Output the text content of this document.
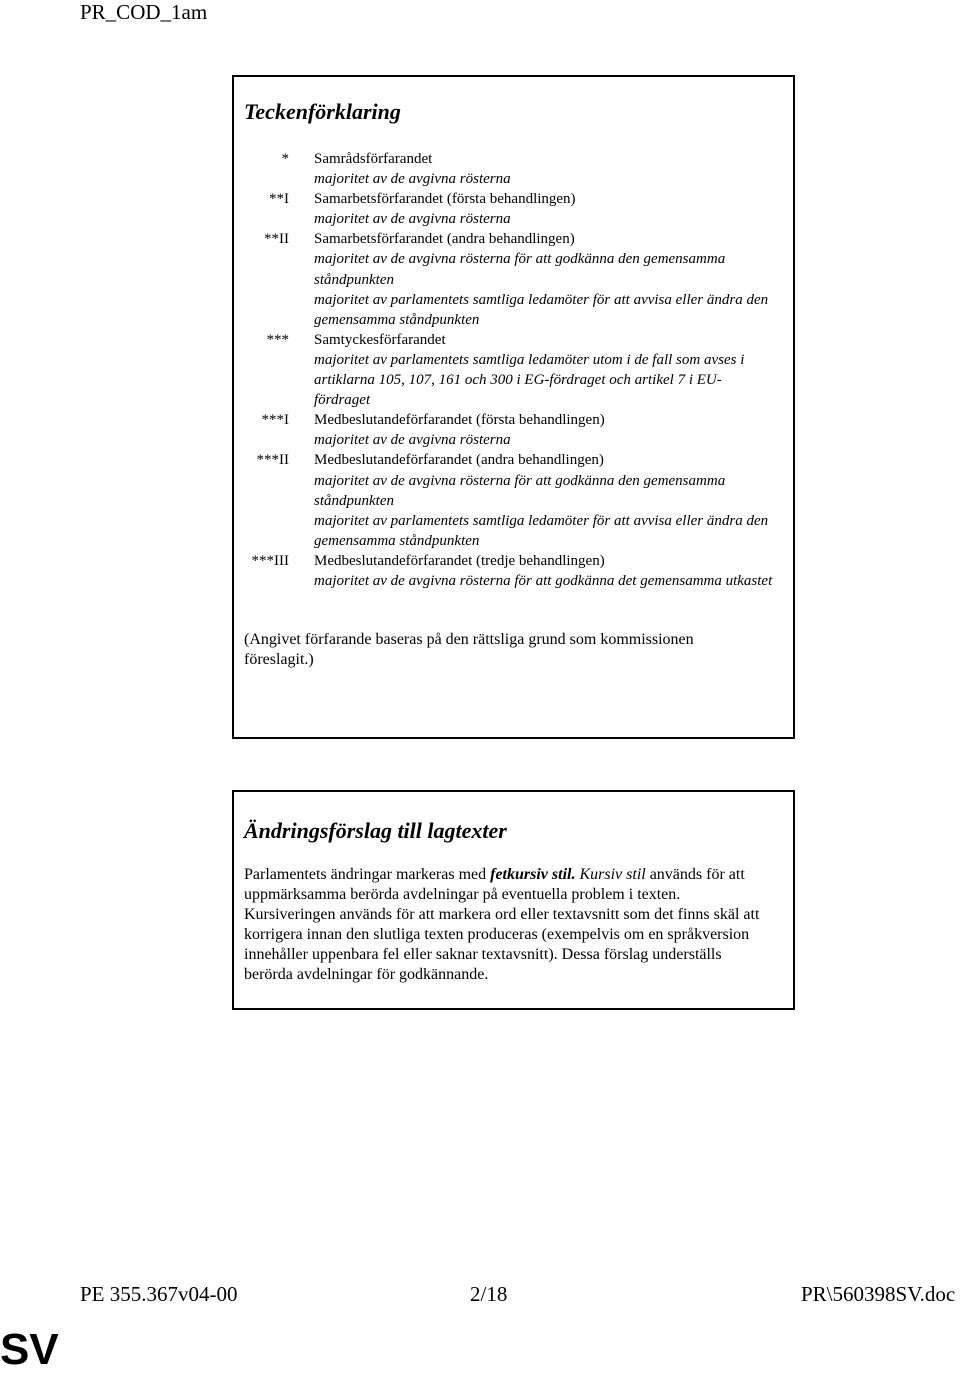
PR_COD_1am
Teckenförklaring
* Samrådsförfarandet
majoritet av de avgivna rösterna
**I Samarbetsförfarandet (första behandlingen)
majoritet av de avgivna rösterna
**II Samarbetsförfarandet (andra behandlingen)
majoritet av de avgivna rösterna för att godkänna den gemensamma ståndpunkten
majoritet av parlamentets samtliga ledamöter för att avvisa eller ändra den gemensamma ståndpunkten
*** Samtyckesförfarandet
majoritet av parlamentets samtliga ledamöter utom i de fall som avses i artiklarna 105, 107, 161 och 300 i EG-fördraget och artikel 7 i EU-fördraget
***I Medbeslutandeförfarandet (första behandlingen)
majoritet av de avgivna rösterna
***II Medbeslutandeförfarandet (andra behandlingen)
majoritet av de avgivna rösterna för att godkänna den gemensamma ståndpunkten
majoritet av parlamentets samtliga ledamöter för att avvisa eller ändra den gemensamma ståndpunkten
***III Medbeslutandeförfarandet (tredje behandlingen)
majoritet av de avgivna rösterna för att godkänna det gemensamma utkastet
(Angivet förfarande baseras på den rättsliga grund som kommissionen föreslagit.)
Ändringsförslag till lagtexter
Parlamentets ändringar markeras med fetkursiv stil. Kursiv stil används för att uppmärksamma berörda avdelningar på eventuella problem i texten. Kursiveringen används för att markera ord eller textavsnitt som det finns skäl att korrigera innan den slutliga texten produceras (exempelvis om en språkversion innehåller uppenbara fel eller saknar textavsnitt). Dessa förslag underställs berörda avdelningar för godkännande.
PE 355.367v04-00	2/18	PR\560398SV.doc
SV
